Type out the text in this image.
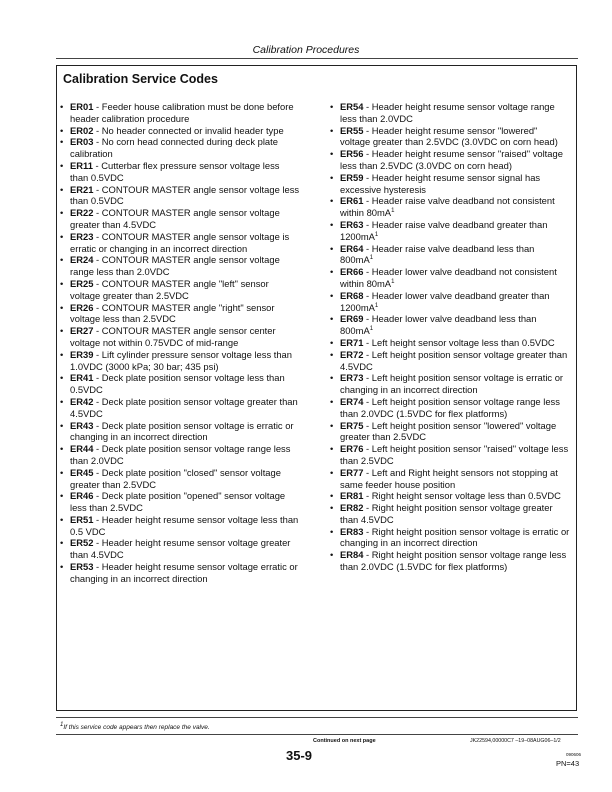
Calibration Procedures
Calibration Service Codes
• ER01 - Feeder house calibration must be done before header calibration procedure
• ER02 - No header connected or invalid header type
• ER03 - No corn head connected during deck plate calibration
• ER11 - Cutterbar flex pressure sensor voltage less than 0.5VDC
• ER21 - CONTOUR MASTER angle sensor voltage less than 0.5VDC
• ER22 - CONTOUR MASTER angle sensor voltage greater than 4.5VDC
• ER23 - CONTOUR MASTER angle sensor voltage is erratic or changing in an incorrect direction
• ER24 - CONTOUR MASTER angle sensor voltage range less than 2.0VDC
• ER25 - CONTOUR MASTER angle "left" sensor voltage greater than 2.5VDC
• ER26 - CONTOUR MASTER angle "right" sensor voltage less than 2.5VDC
• ER27 - CONTOUR MASTER angle sensor center voltage not within 0.75VDC of mid-range
• ER39 - Lift cylinder pressure sensor voltage less than 1.0VDC (3000 kPa; 30 bar; 435 psi)
• ER41 - Deck plate position sensor voltage less than 0.5VDC
• ER42 - Deck plate position sensor voltage greater than 4.5VDC
• ER43 - Deck plate position sensor voltage is erratic or changing in an incorrect direction
• ER44 - Deck plate position sensor voltage range less than 2.0VDC
• ER45 - Deck plate position "closed" sensor voltage greater than 2.5VDC
• ER46 - Deck plate position "opened" sensor voltage less than 2.5VDC
• ER51 - Header height resume sensor voltage less than 0.5 VDC
• ER52 - Header height resume sensor voltage greater than 4.5VDC
• ER53 - Header height resume sensor voltage erratic or changing in an incorrect direction
• ER54 - Header height resume sensor voltage range less than 2.0VDC
• ER55 - Header height resume sensor "lowered" voltage greater than 2.5VDC (3.0VDC on corn head)
• ER56 - Header height resume sensor "raised" voltage less than 2.5VDC (3.0VDC on corn head)
• ER59 - Header height resume sensor signal has excessive hysteresis
• ER61 - Header raise valve deadband not consistent within $80mA^1$
• ER63 - Header raise valve deadband greater than $1200mA^1$
• ER64 - Header raise valve deadband less than $800mA^1$
• ER66 - Header lower valve deadband not consistent within $80mA^1$
• ER68 - Header lower valve deadband greater than $1200mA^1$
• ER69 - Header lower valve deadband less than $800mA^1$
• ER71 - Left height sensor voltage less than 0.5VDC
• ER72 - Left height position sensor voltage greater than 4.5VDC
• ER73 - Left height position sensor voltage is erratic or changing in an incorrect direction
• ER74 - Left height position sensor voltage range less than 2.0VDC (1.5VDC for flex platforms)
• ER75 - Left height position sensor "lowered" voltage greater than 2.5VDC
• ER76 - Left height position sensor "raised" voltage less than 2.5VDC
• ER77 - Left and Right height sensors not stopping at same feeder house position
• ER81 - Right height sensor voltage less than 0.5VDC
• ER82 - Right height position sensor voltage greater than 4.5VDC
• ER83 - Right height position sensor voltage is erratic or changing in an incorrect direction
• ER84 - Right height position sensor voltage range less than 2.0VDC (1.5VDC for flex platforms)
$^1$If this service code appears then replace the valve.
Continued on next page	JK22594,00000C7 –19–08AUG06–1/2
35-9	090606
PN=43
